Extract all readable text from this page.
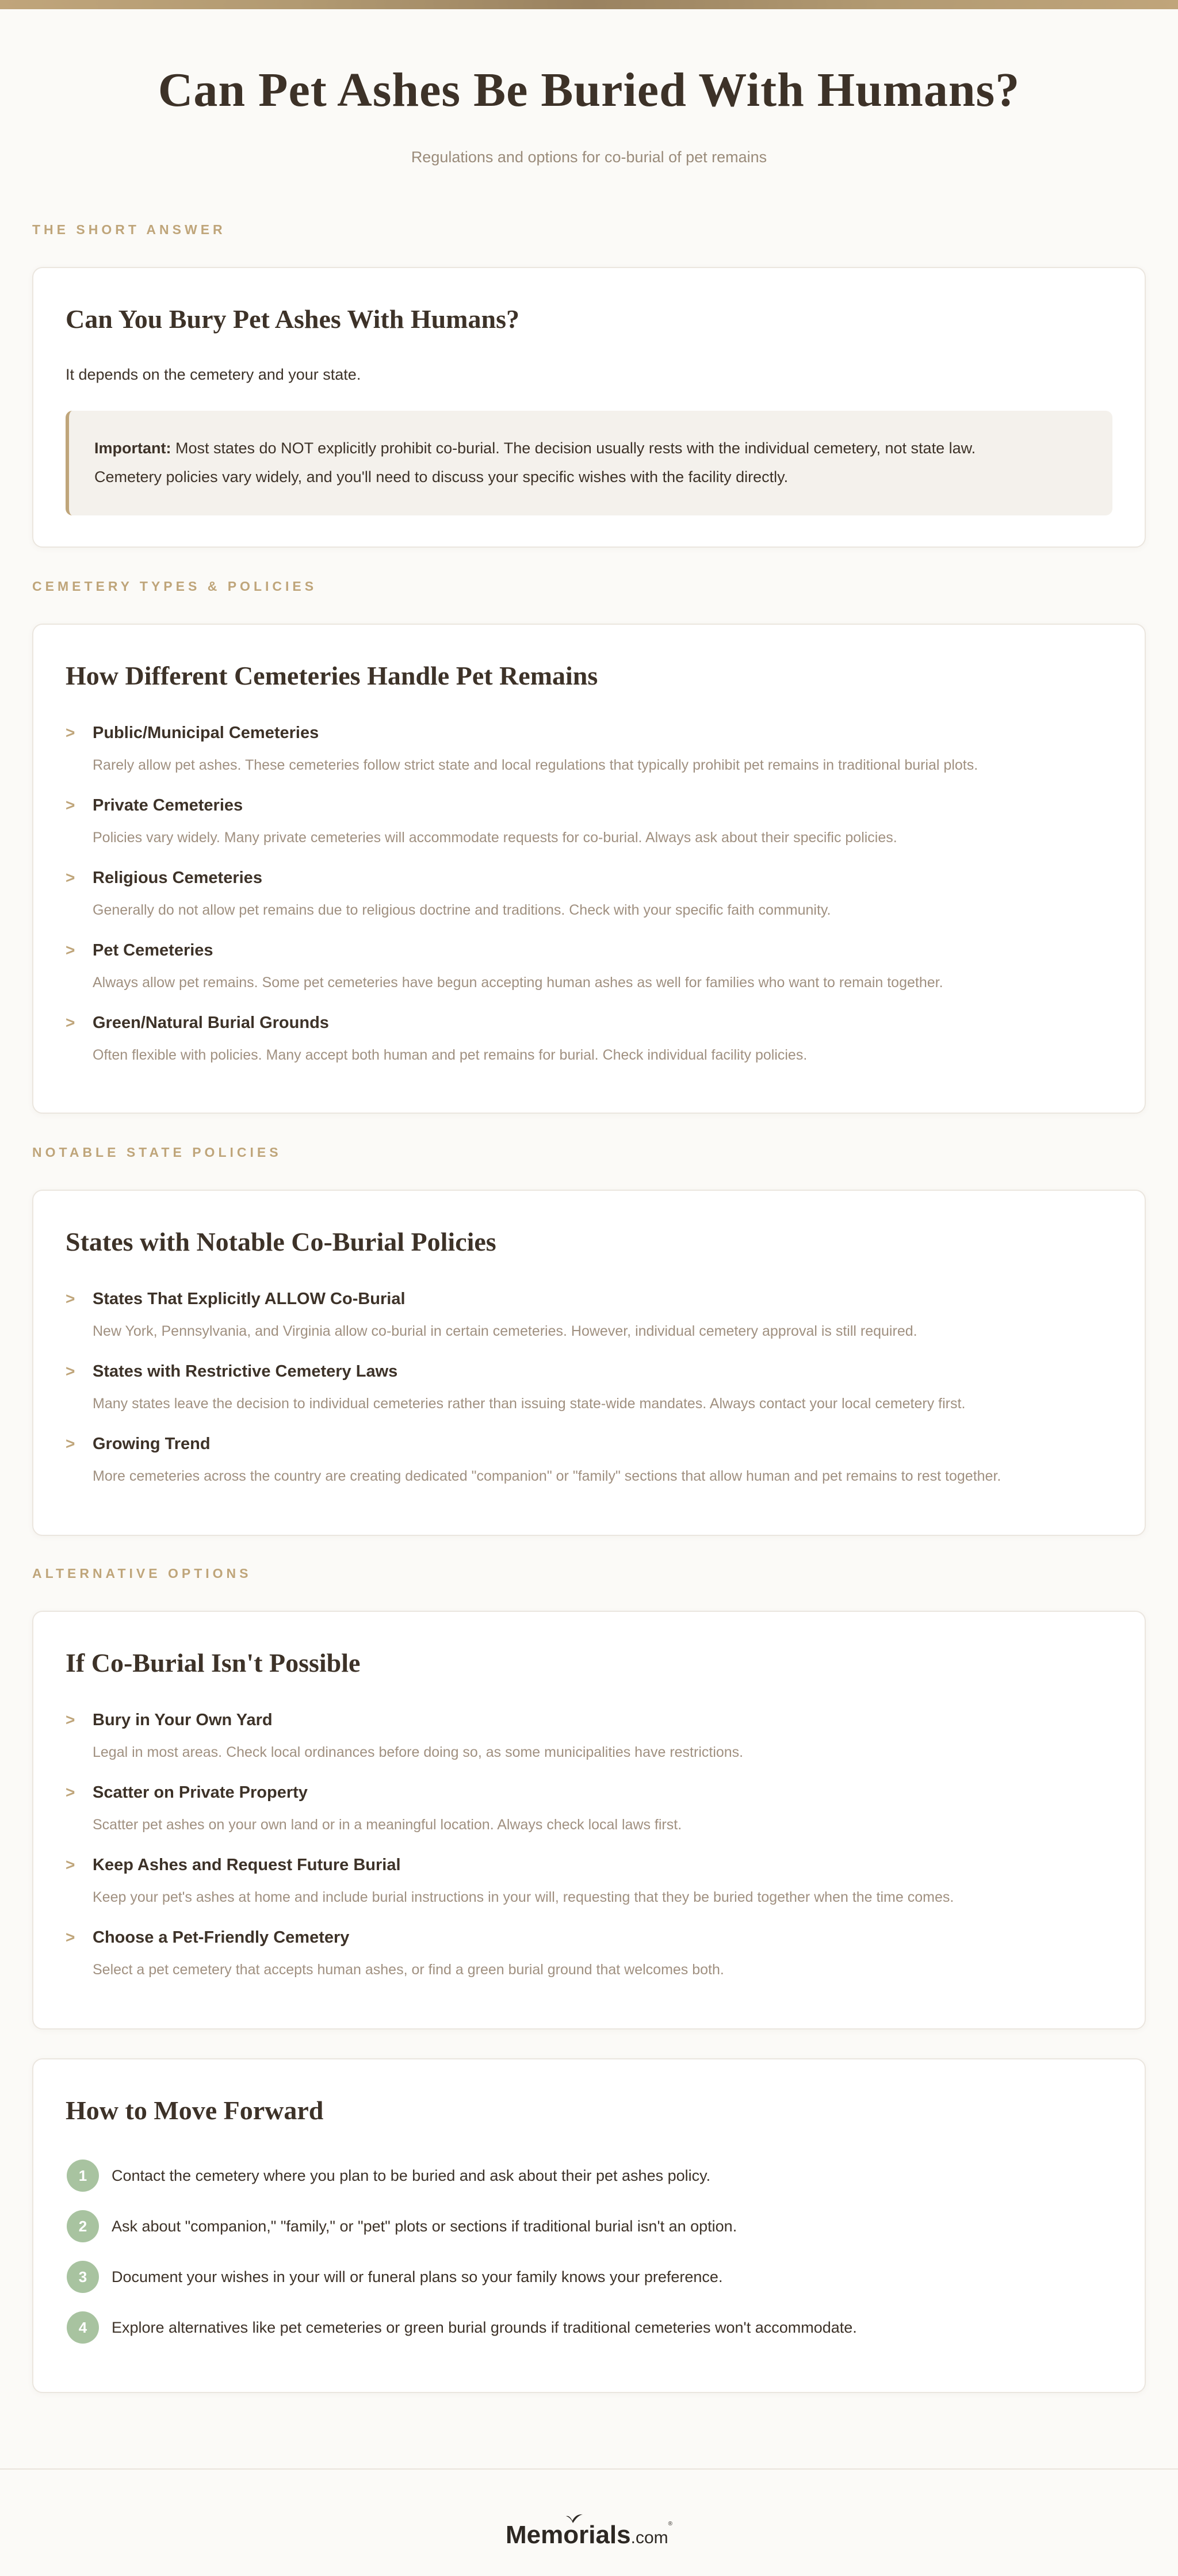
Can Pet Ashes Be Buried With Humans?

Regulations and options for co-burial of pet remains

THE SHORT ANSWER
Can You Bury Pet Ashes With Humans?

It depends on the cemetery and your state.

Important: Most states do NOT explicitly prohibit co-burial. The decision usually rests with the individual cemetery, not state law.
Cemetery policies vary widely, and you'll need to discuss your specific wishes with the facility directly.
CEMETERY TYPES & POLICIES
How Different Cemeteries Handle Pet Remains
> Public/Municipal Cemeteries
Rarely allow pet ashes. These cemeteries follow strict state and local regulations that typically prohibit pet remains in traditional burial plots.
> Private Cemeteries
Policies vary widely. Many private cemeteries will accommodate requests for co-burial. Always ask about their specific policies.
> Religious Cemeteries
Generally do not allow pet remains due to religious doctrine and traditions. Check with your specific faith community.
> Pet Cemeteries
Always allow pet remains. Some pet cemeteries have begun accepting human ashes as well for families who want to remain together.
> Green/Natural Burial Grounds
Often flexible with policies. Many accept both human and pet remains for burial. Check individual facility policies.
NOTABLE STATE POLICIES
States with Notable Co-Burial Policies
> States That Explicitly ALLOW Co-Burial
New York, Pennsylvania, and Virginia allow co-burial in certain cemeteries. However, individual cemetery approval is still required.
> States with Restrictive Cemetery Laws
Many states leave the decision to individual cemeteries rather than issuing state-wide mandates. Always contact your local cemetery first.
> Growing Trend
More cemeteries across the country are creating dedicated "companion" or "family" sections that allow human and pet remains to rest together.
ALTERNATIVE OPTIONS
If Co-Burial Isn't Possible
> Bury in Your Own Yard
Legal in most areas. Check local ordinances before doing so, as some municipalities have restrictions.
> Scatter on Private Property
Scatter pet ashes on your own land or in a meaningful location. Always check local laws first.
> Keep Ashes and Request Future Burial
Keep your pet's ashes at home and include burial instructions in your will, requesting that they be buried together when the time comes.
> Choose a Pet-Friendly Cemetery
Select a pet cemetery that accepts human ashes, or find a green burial ground that welcomes both.
How to Move Forward
1	Contact the cemetery where you plan to be buried and ask about their pet ashes policy.
2	Ask about "companion," "family," or "pet" plots or sections if traditional burial isn't an option.
3	Document your wishes in your will or funeral plans so your family knows your preference.
4	Explore alternatives like pet cemeteries or green burial grounds if traditional cemeteries won't accommodate.
Memorials.com®
